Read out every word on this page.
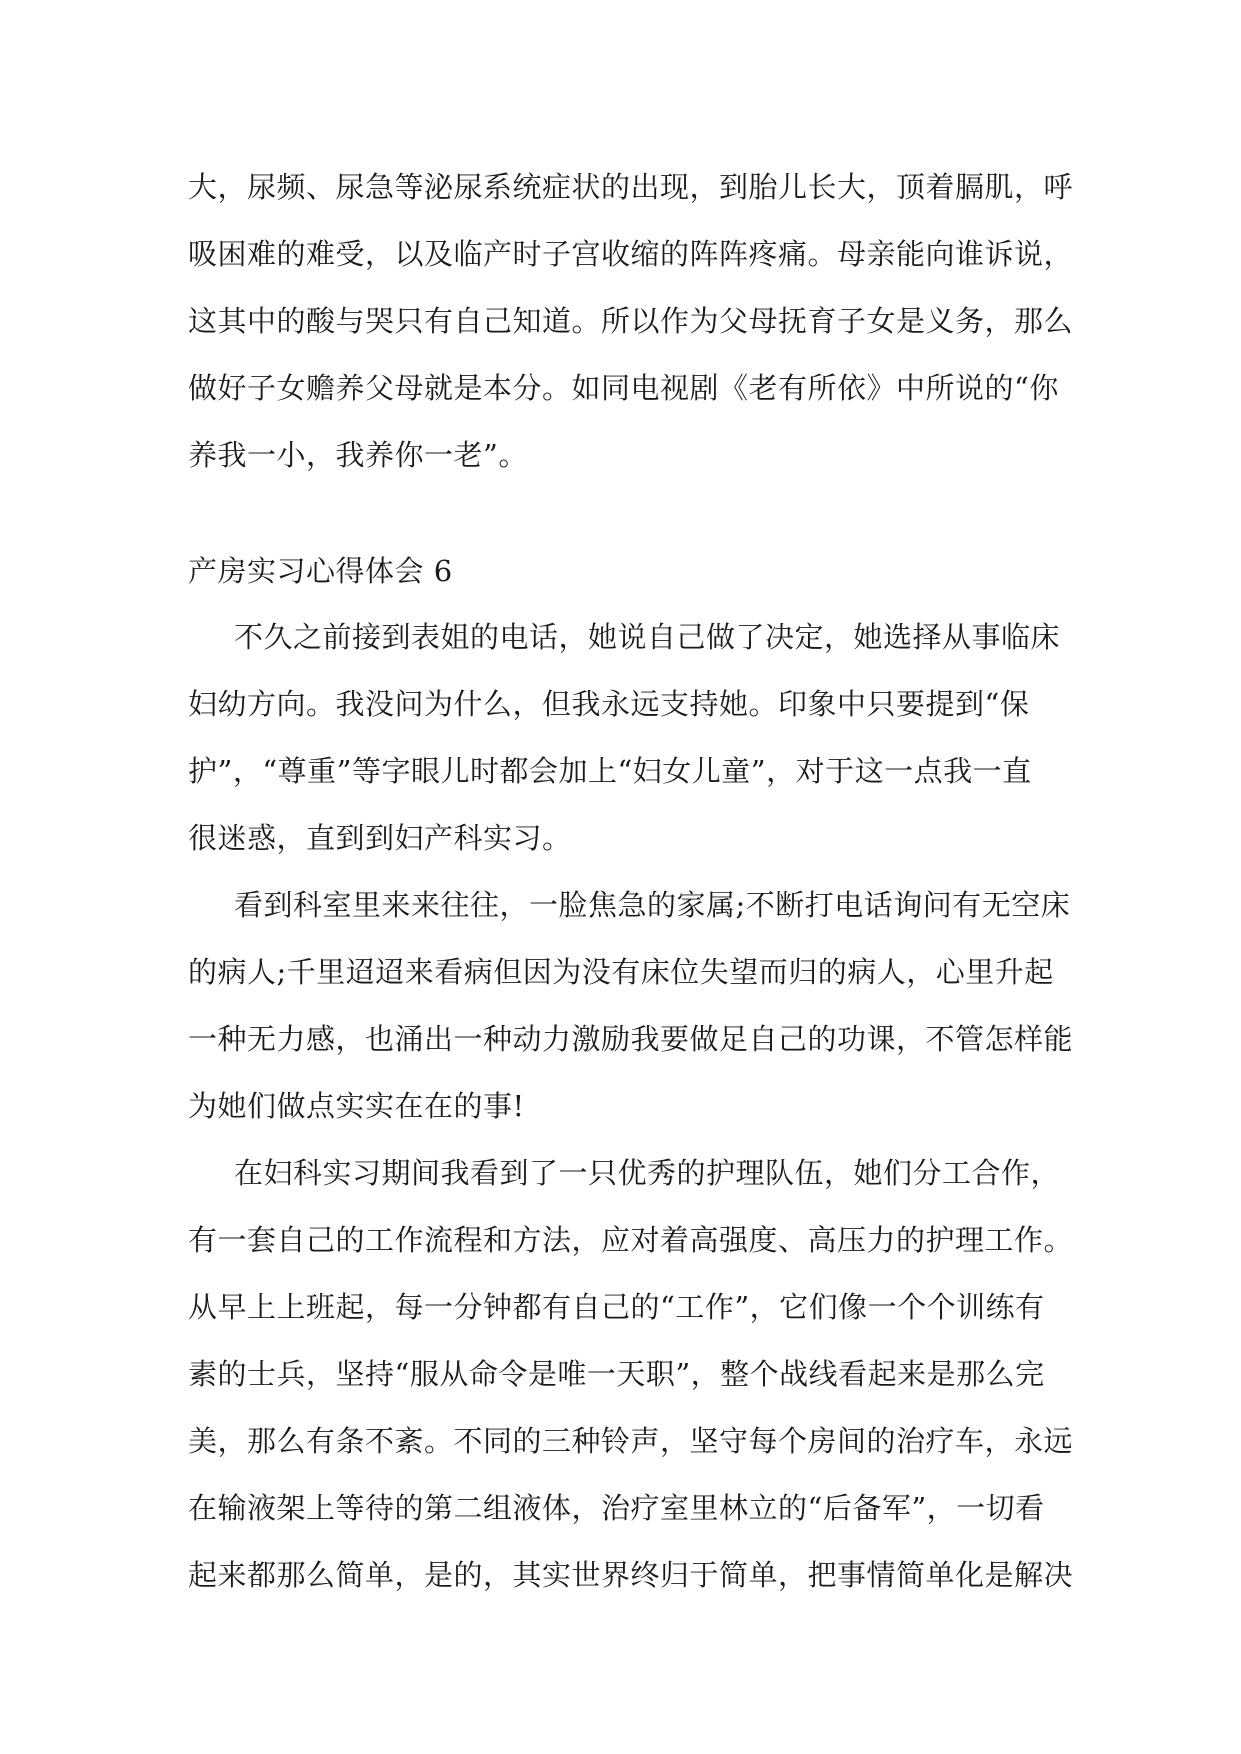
大，尿频、尿急等泌尿系统症状的出现，到胎儿长大，顶着膈肌，呼
吸困难的难受，以及临产时子宫收缩的阵阵疼痛。母亲能向谁诉说，
这其中的酸与哭只有自己知道。所以作为父母抚育子女是义务，那么
做好子女赡养父母就是本分。如同电视剧《老有所依》中所说的“你
养我一小，我养你一老”。
产房实习心得体会 6
不久之前接到表姐的电话，她说自己做了决定，她选择从事临床
妇幼方向。我没问为什么，但我永远支持她。印象中只要提到“保
护”，“尊重”等字眼儿时都会加上“妇女儿童”，对于这一点我一直
很迷惑，直到到妇产科实习。
看到科室里来来往往，一脸焦急的家属;不断打电话询问有无空床
的病人;千里迢迢来看病但因为没有床位失望而归的病人，心里升起
一种无力感，也涌出一种动力激励我要做足自己的功课，不管怎样能
为她们做点实实在在的事!
在妇科实习期间我看到了一只优秀的护理队伍，她们分工合作，
有一套自己的工作流程和方法，应对着高强度、高压力的护理工作。
从早上上班起，每一分钟都有自己的“工作”，它们像一个个训练有
素的士兵，坚持“服从命令是唯一天职”，整个战线看起来是那么完
美，那么有条不紊。不同的三种铃声，坚守每个房间的治疗车，永远
在输液架上等待的第二组液体，治疗室里林立的“后备军”，一切看
起来都那么简单，是的，其实世界终归于简单，把事情简单化是解决
